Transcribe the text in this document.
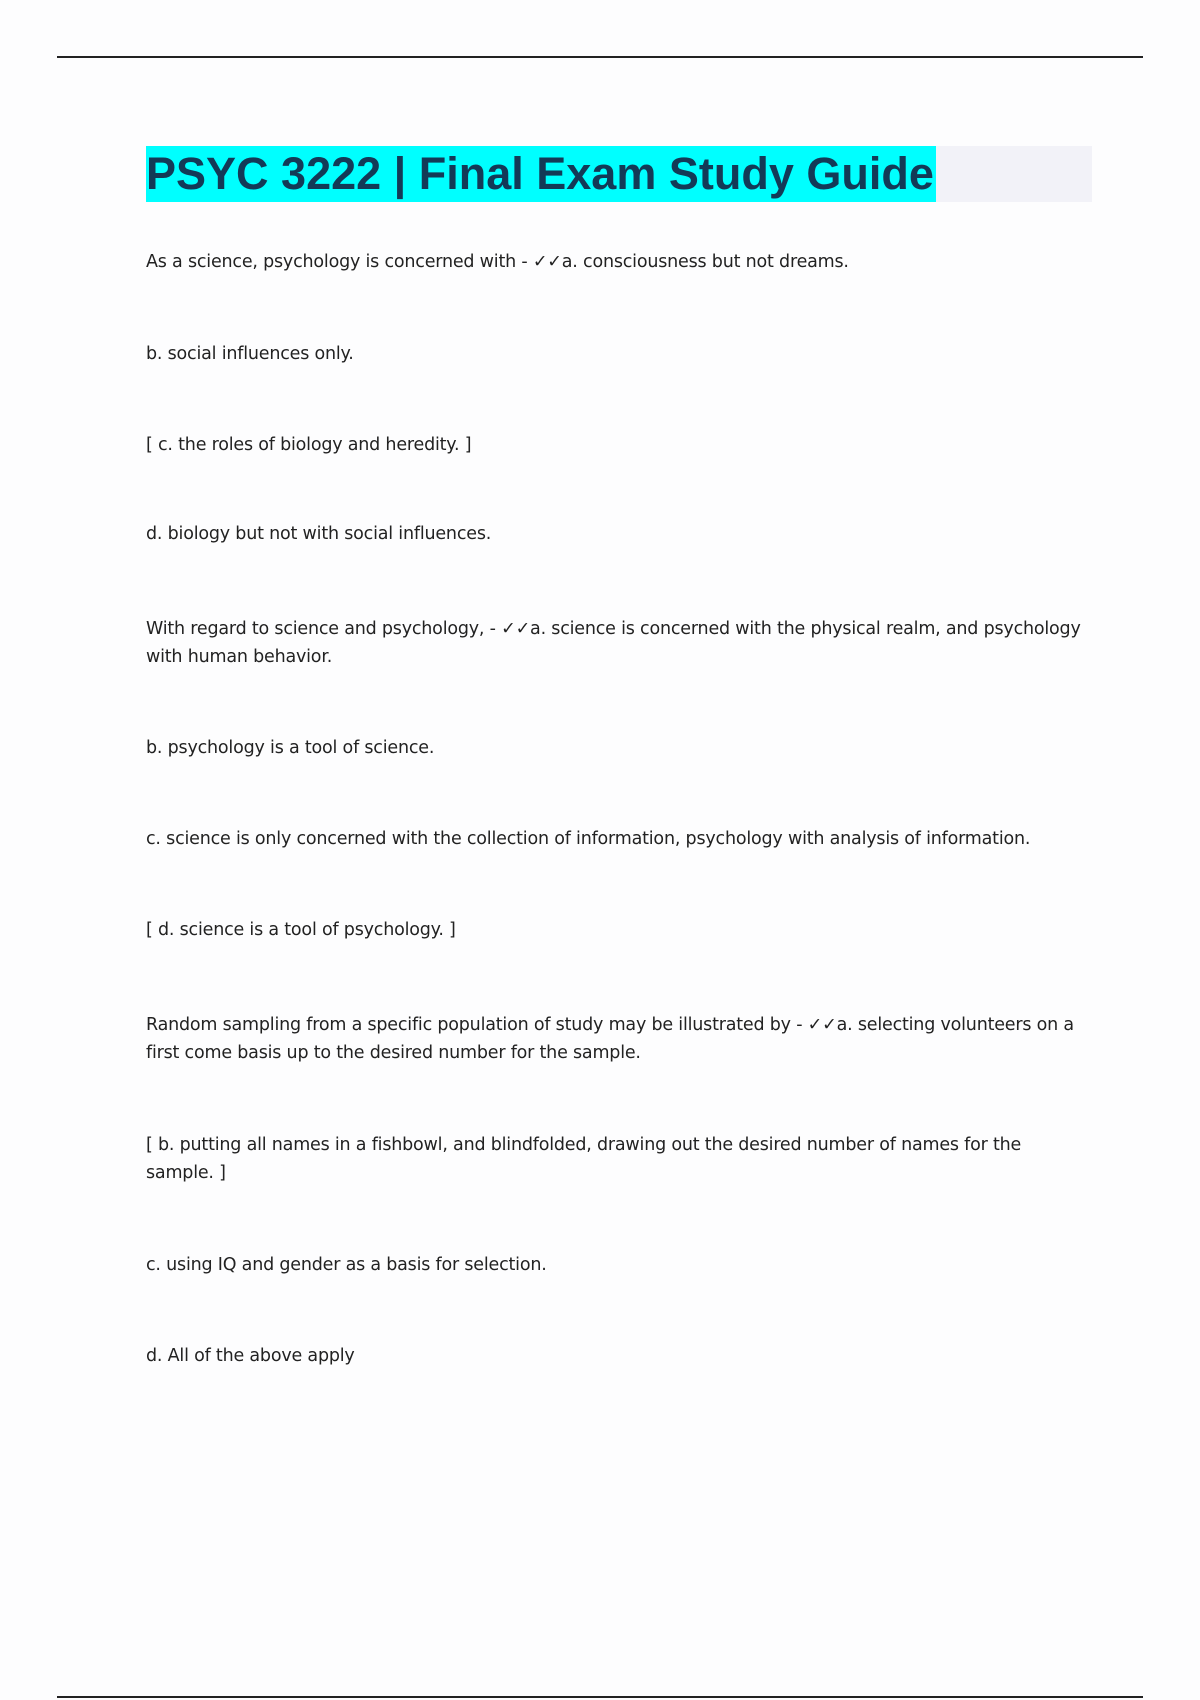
PSYC 3222 | Final Exam Study Guide
As a science, psychology is concerned with - ✓✓a. consciousness but not dreams.
b. social influences only.
[ c. the roles of biology and heredity. ]
d. biology but not with social influences.
With regard to science and psychology, - ✓✓a. science is concerned with the physical realm, and psychology with human behavior.
b. psychology is a tool of science.
c. science is only concerned with the collection of information, psychology with analysis of information.
[ d. science is a tool of psychology. ]
Random sampling from a specific population of study may be illustrated by - ✓✓a. selecting volunteers on a first come basis up to the desired number for the sample.
[ b. putting all names in a fishbowl, and blindfolded, drawing out the desired number of names for the sample. ]
c. using IQ and gender as a basis for selection.
d. All of the above apply
